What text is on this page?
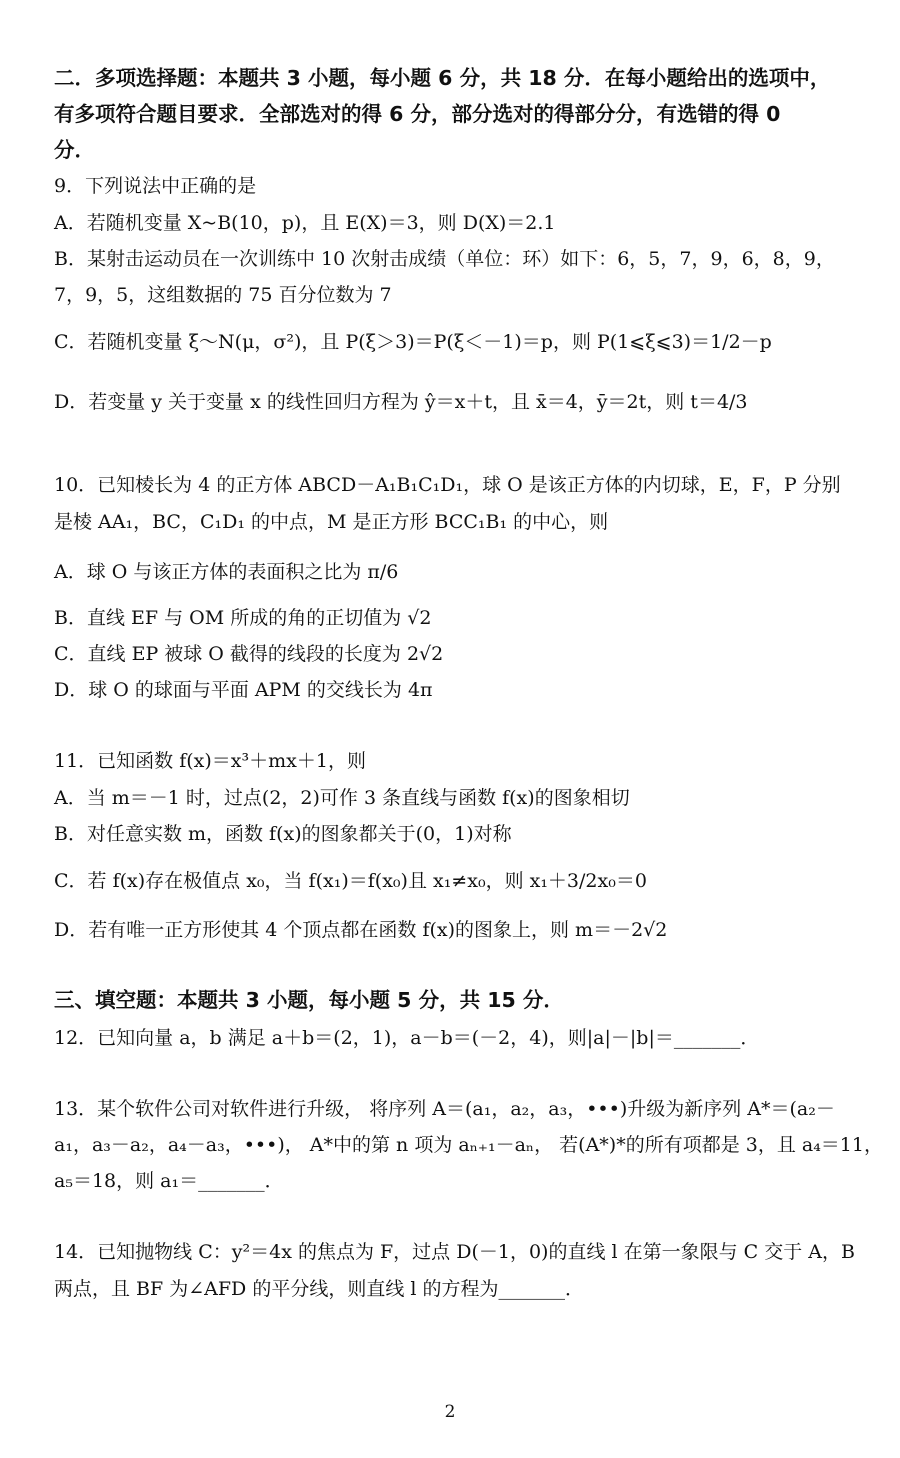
二．多项选择题：本题共 3 小题，每小题 6 分，共 18 分．在每小题给出的选项中，
有多项符合题目要求．全部选对的得 6 分，部分选对的得部分分，有选错的得 0
分．
9．下列说法中正确的是
A．若随机变量 X~B(10，p)，且 E(X)＝3，则 D(X)＝2.1
B．某射击运动员在一次训练中 10 次射击成绩（单位：环）如下：6，5，7，9，6，8，9，
7，9，5，这组数据的 75 百分位数为 7
C．若随机变量 ξ～N(μ，σ²)，且 P(ξ＞3)＝P(ξ＜－1)＝p，则 P(1⩽ξ⩽3)＝1/2－p
D．若变量 y 关于变量 x 的线性回归方程为 ŷ＝x＋t，且 x̄＝4，ȳ＝2t，则 t＝4/3
10．已知棱长为 4 的正方体 ABCD－A₁B₁C₁D₁，球 O 是该正方体的内切球，E，F，P 分别
是棱 AA₁，BC，C₁D₁ 的中点，M 是正方形 BCC₁B₁ 的中心，则
A．球 O 与该正方体的表面积之比为 π/6
B．直线 EF 与 OM 所成的角的正切值为 √2
C．直线 EP 被球 O 截得的线段的长度为 2√2
D．球 O 的球面与平面 APM 的交线长为 4π
11．已知函数 f(x)＝x³＋mx＋1，则
A．当 m＝－1 时，过点(2，2)可作 3 条直线与函数 f(x)的图象相切
B．对任意实数 m，函数 f(x)的图象都关于(0，1)对称
C．若 f(x)存在极值点 x₀，当 f(x₁)＝f(x₀)且 x₁≠x₀，则 x₁＋3/2x₀＝0
D．若有唯一正方形使其 4 个顶点都在函数 f(x)的图象上，则 m＝－2√2
三、填空题：本题共 3 小题，每小题 5 分，共 15 分．
12．已知向量 a，b 满足 a＋b＝(2，1)，a－b＝(－2，4)，则|a|－|b|＝_______．
13．某个软件公司对软件进行升级， 将序列 A＝(a₁，a₂，a₃，•••)升级为新序列 A*＝(a₂－
a₁，a₃－a₂，a₄－a₃，•••)， A*中的第 n 项为 aₙ₊₁－aₙ， 若(A*)*的所有项都是 3，且 a₄＝11，
a₅＝18，则 a₁＝_______．
14．已知抛物线 C：y²＝4x 的焦点为 F，过点 D(－1，0)的直线 l 在第一象限与 C 交于 A，B
两点，且 BF 为∠AFD 的平分线，则直线 l 的方程为_______．
2
